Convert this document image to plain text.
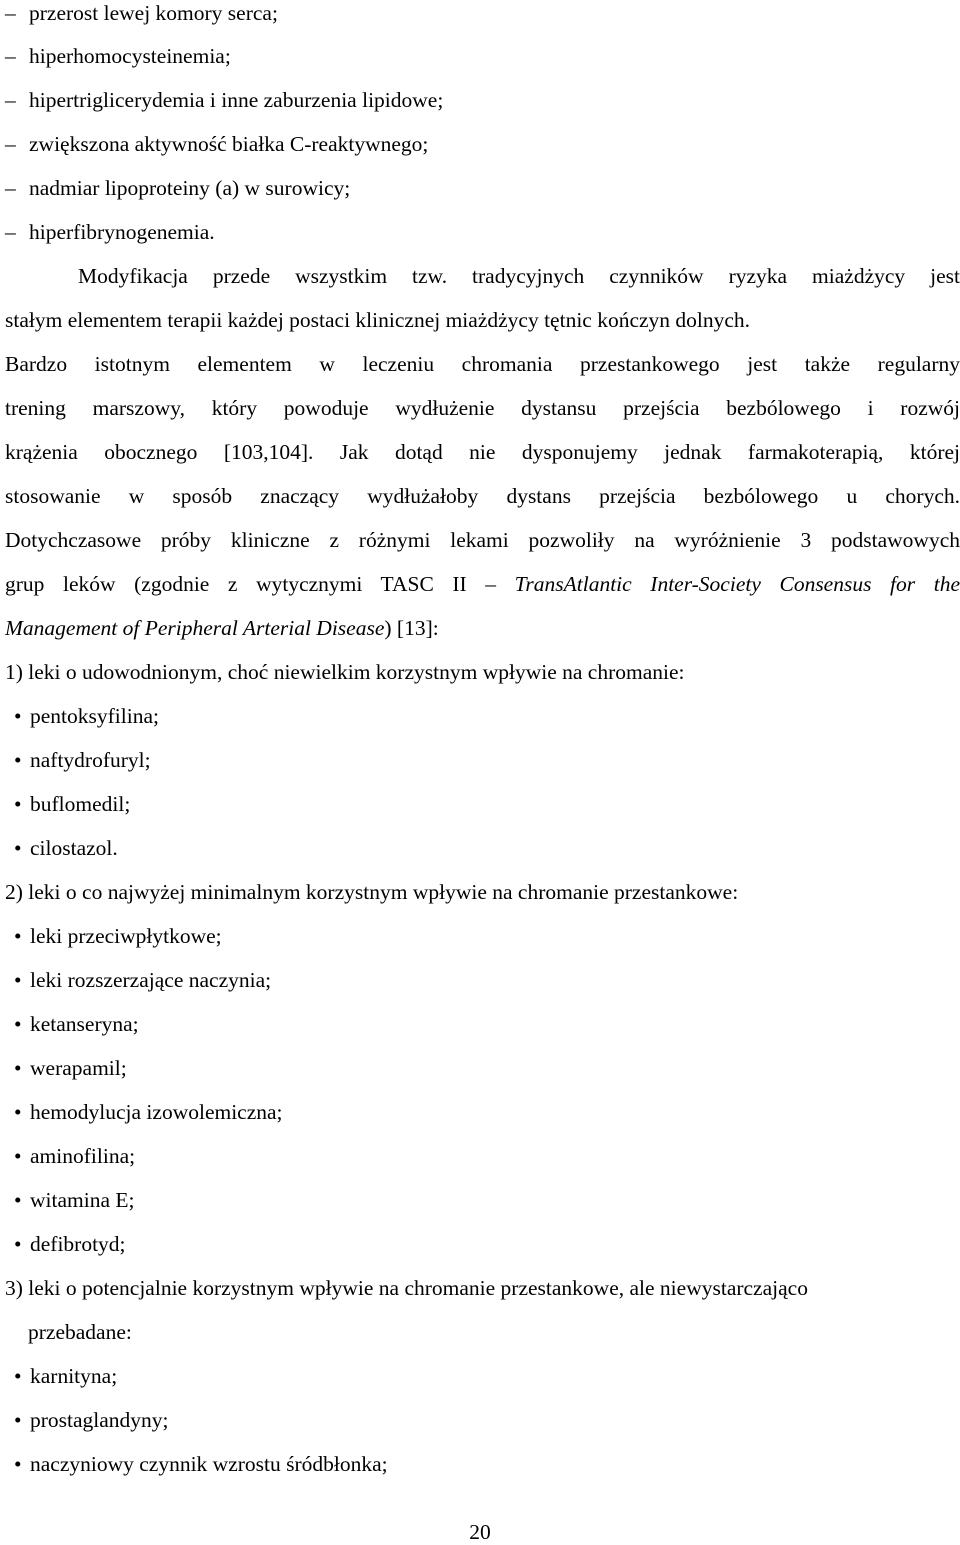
– przerost lewej komory serca;
– hiperhomocysteinemia;
– hipertriglicerydemia i inne zaburzenia lipidowe;
– zwiększona aktywność białka C-reaktywnego;
– nadmiar lipoproteiny (a) w surowicy;
– hiperfibrynogenemia.
Modyfikacja przede wszystkim tzw. tradycyjnych czynników ryzyka miażdżycy jest
stałym elementem terapii każdej postaci klinicznej miażdżycy tętnic kończyn dolnych.
Bardzo istotnym elementem w leczeniu chromania przestankowego jest także regularny
trening marszowy, który powoduje wydłużenie dystansu przejścia bezbólowego i rozwój
krążenia obocznego [103,104]. Jak dotąd nie dysponujemy jednak farmakoterapią, której
stosowanie w sposób znaczący wydłużałoby dystans przejścia bezbólowego u chorych.
Dotychczasowe próby kliniczne z różnymi lekami pozwoliły na wyróżnienie 3 podstawowych
grup leków (zgodnie z wytycznymi TASC II – TransAtlantic Inter-Society Consensus for the
Management of Peripheral Arterial Disease) [13]:
1) leki o udowodnionym, choć niewielkim korzystnym wpływie na chromanie:
• pentoksyfilina;
• naftydrofuryl;
• buflomedil;
• cilostazol.
2) leki o co najwyżej minimalnym korzystnym wpływie na chromanie przestankowe:
• leki przeciwpłytkowe;
• leki rozszerzające naczynia;
• ketanseryna;
• werapamil;
• hemodylucja izowolemiczna;
• aminofilina;
• witamina E;
• defibrotyd;
3) leki o potencjalnie korzystnym wpływie na chromanie przestankowe, ale niewystarczająco
przebadane:
• karnityna;
• prostaglandyny;
• naczyniowy czynnik wzrostu śródbłonka;
20
